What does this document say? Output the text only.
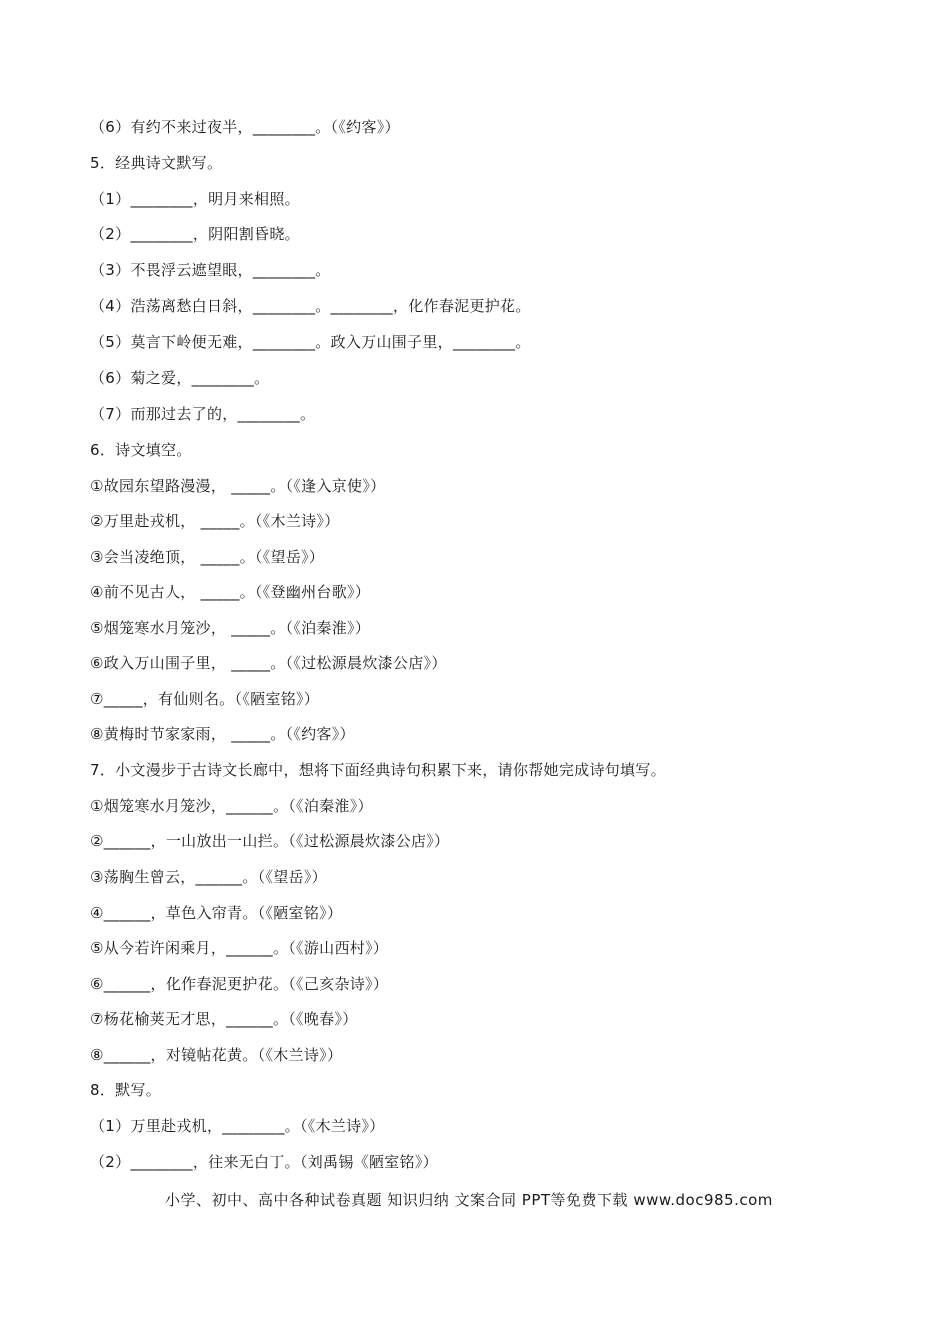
（6）有约不来过夜半，________。（《约客》）
5．经典诗文默写。
（1）________，明月来相照。
（2）________，阴阳割昏晓。
（3）不畏浮云遮望眼，________。
（4）浩荡离愁白日斜，________。________，化作春泥更护花。
（5）莫言下岭便无难，________。政入万山围子里，________。
（6）菊之爱，________。
（7）而那过去了的，________。
6．诗文填空。
①故园东望路漫漫， _____。（《逢入京使》）
②万里赴戎机， _____。（《木兰诗》）
③会当凌绝顶， _____。（《望岳》）
④前不见古人， _____。（《登幽州台歌》）
⑤烟笼寒水月笼沙， _____。（《泊秦淮》）
⑥政入万山围子里， _____。（《过松源晨炊漆公店》）
⑦_____，有仙则名。（《陋室铭》）
⑧黄梅时节家家雨， _____。（《约客》）
7．小文漫步于古诗文长廊中，想将下面经典诗句积累下来，请你帮她完成诗句填写。
①烟笼寒水月笼沙，______。（《泊秦淮》）
②______，一山放出一山拦。（《过松源晨炊漆公店》）
③荡胸生曾云，______。（《望岳》）
④______，草色入帘青。（《陋室铭》）
⑤从今若许闲乘月，______。（《游山西村》）
⑥______，化作春泥更护花。（《己亥杂诗》）
⑦杨花榆荚无才思，______。（《晚春》）
⑧______，对镜帖花黄。（《木兰诗》）
8．默写。
（1）万里赴戎机，________。（《木兰诗》）
（2）________，往来无白丁。（刘禹锡《陋室铭》）
小学、初中、高中各种试卷真题 知识归纳 文案合同 PPT等免费下载 www.doc985.com
